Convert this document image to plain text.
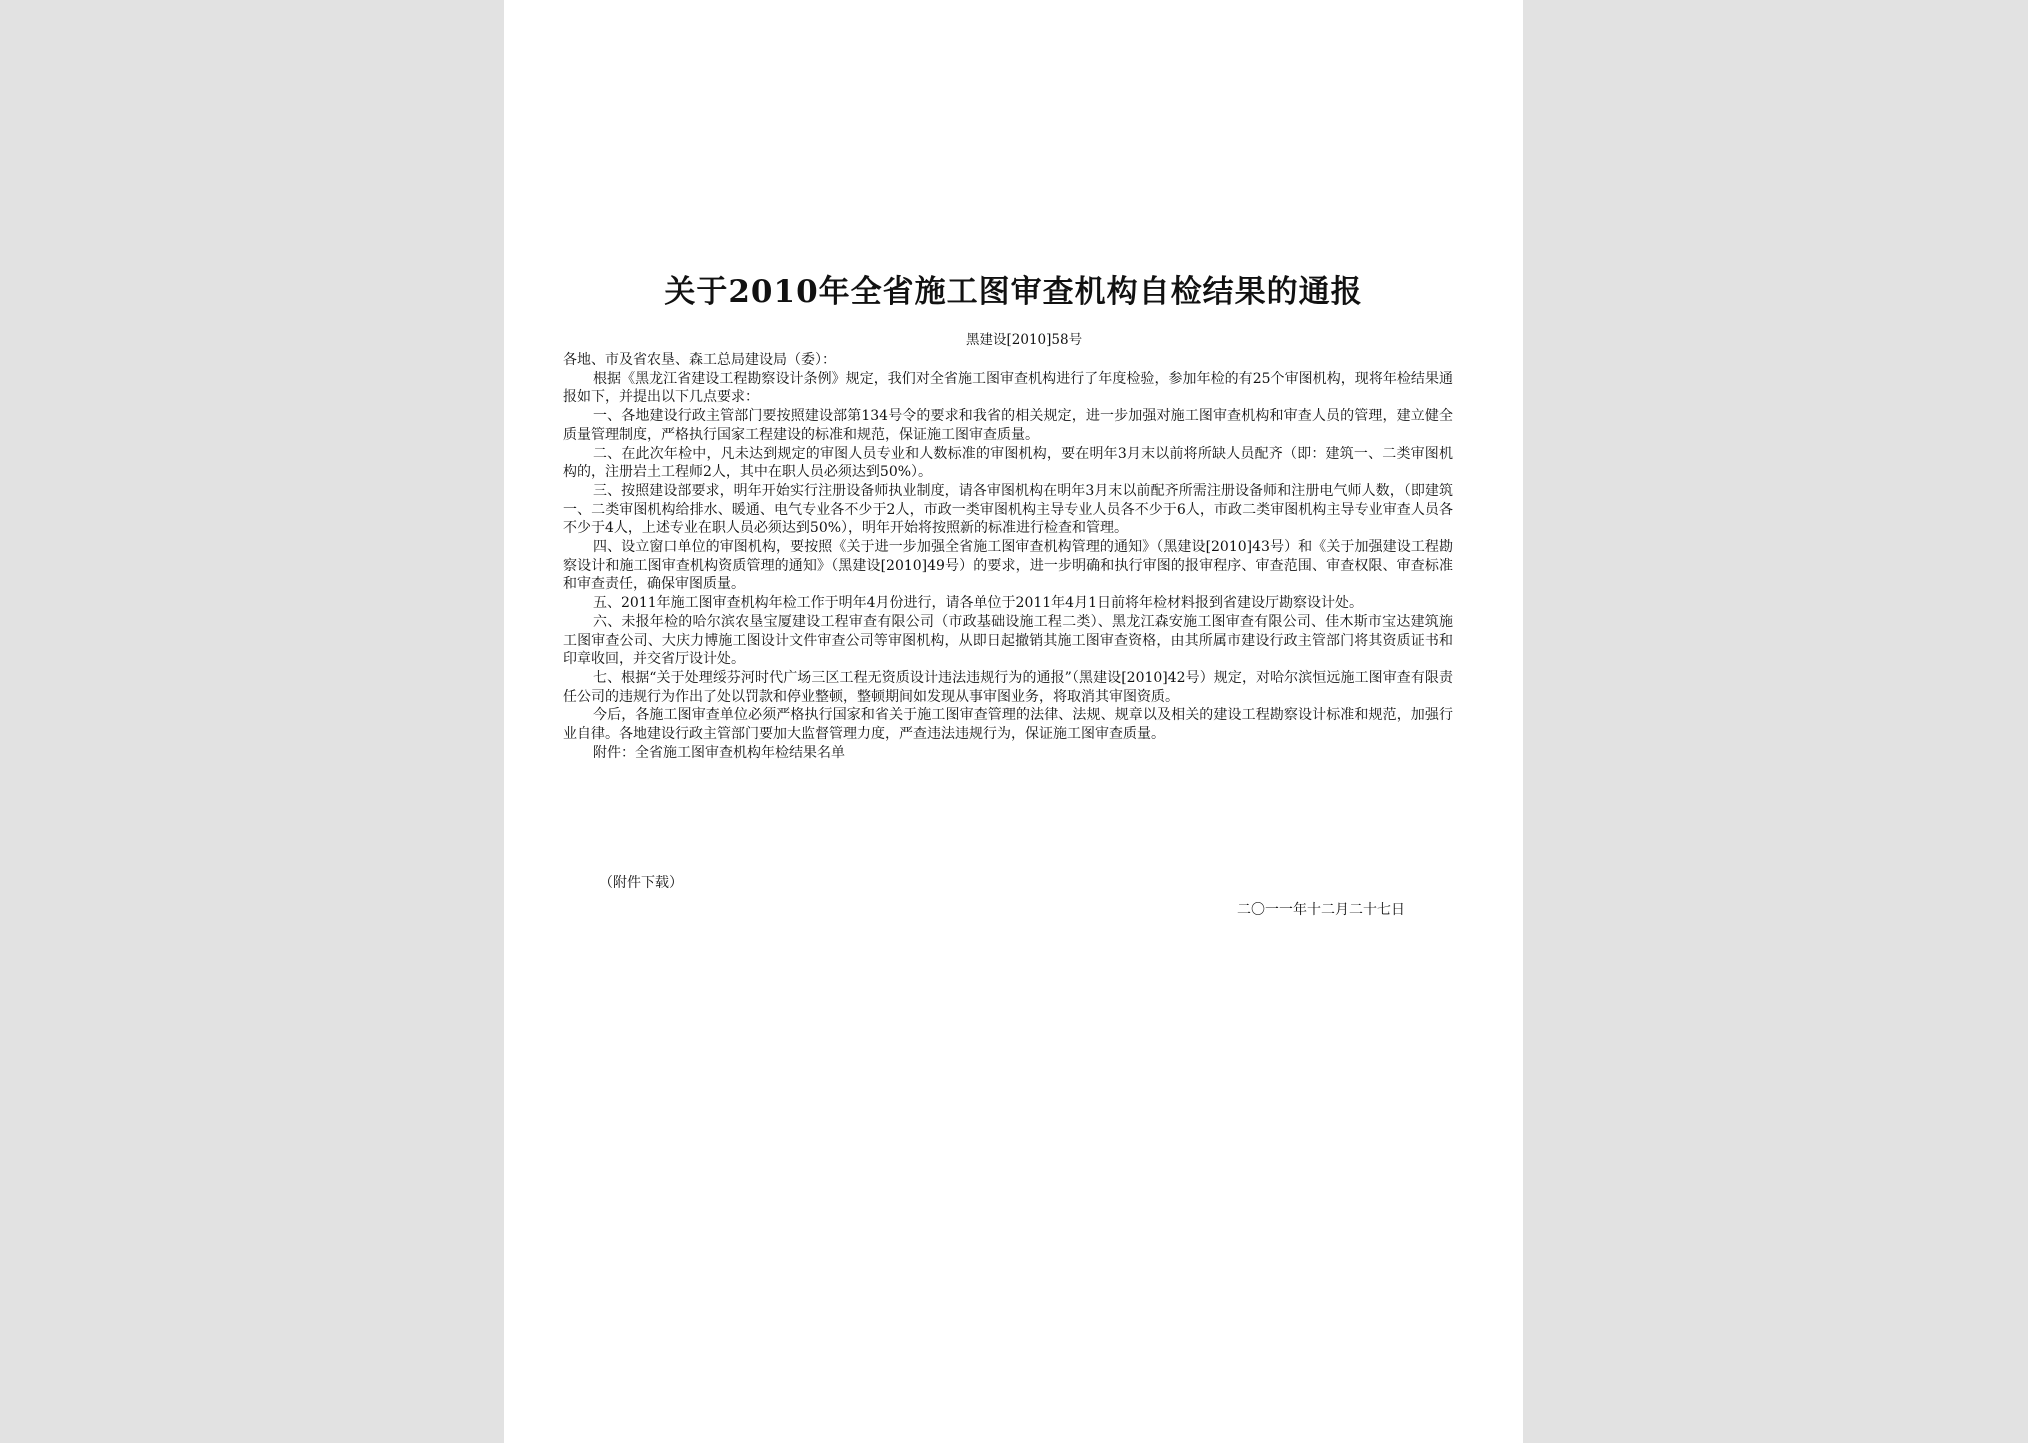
关于2010年全省施工图审查机构自检结果的通报
黑建设[2010]58号

各地、市及省农垦、森工总局建设局（委）：

根据《黑龙江省建设工程勘察设计条例》规定，我们对全省施工图审查机构进行了年度检验，参加年检的有25个审图机构，现将年检结果通报如下，并提出以下几点要求：

一、各地建设行政主管部门要按照建设部第134号令的要求和我省的相关规定，进一步加强对施工图审查机构和审查人员的管理，建立健全质量管理制度，严格执行国家工程建设的标准和规范，保证施工图审查质量。

二、在此次年检中，凡未达到规定的审图人员专业和人数标准的审图机构，要在明年3月末以前将所缺人员配齐（即：建筑一、二类审图机构的，注册岩土工程师2人，其中在职人员必须达到50%）。

三、按照建设部要求，明年开始实行注册设备师执业制度，请各审图机构在明年3月末以前配齐所需注册设备师和注册电气师人数，（即建筑一、二类审图机构给排水、暖通、电气专业各不少于2人，市政一类审图机构主导专业人员各不少于6人，市政二类审图机构主导专业审查人员各不少于4人，上述专业在职人员必须达到50%），明年开始将按照新的标准进行检查和管理。

四、设立窗口单位的审图机构，要按照《关于进一步加强全省施工图审查机构管理的通知》（黑建设[2010]43号）和《关于加强建设工程勘察设计和施工图审查机构资质管理的通知》（黑建设[2010]49号）的要求，进一步明确和执行审图的报审程序、审查范围、审查权限、审查标准和审查责任，确保审图质量。

五、2011年施工图审查机构年检工作于明年4月份进行，请各单位于2011年4月1日前将年检材料报到省建设厅勘察设计处。

六、未报年检的哈尔滨农垦宝厦建设工程审查有限公司（市政基础设施工程二类）、黑龙江森安施工图审查有限公司、佳木斯市宝达建筑施工图审查公司、大庆力博施工图设计文件审查公司等审图机构，从即日起撤销其施工图审查资格，由其所属市建设行政主管部门将其资质证书和印章收回，并交省厅设计处。

七、根据“关于处理绥芬河时代广场三区工程无资质设计违法违规行为的通报”（黑建设[2010]42号）规定，对哈尔滨恒远施工图审查有限责任公司的违规行为作出了处以罚款和停业整顿，整顿期间如发现从事审图业务，将取消其审图资质。

今后，各施工图审查单位必须严格执行国家和省关于施工图审查管理的法律、法规、规章以及相关的建设工程勘察设计标准和规范，加强行业自律。各地建设行政主管部门要加大监督管理力度，严查违法违规行为，保证施工图审查质量。

附件：全省施工图审查机构年检结果名单

（附件下载）
二〇一一年十二月二十七日
